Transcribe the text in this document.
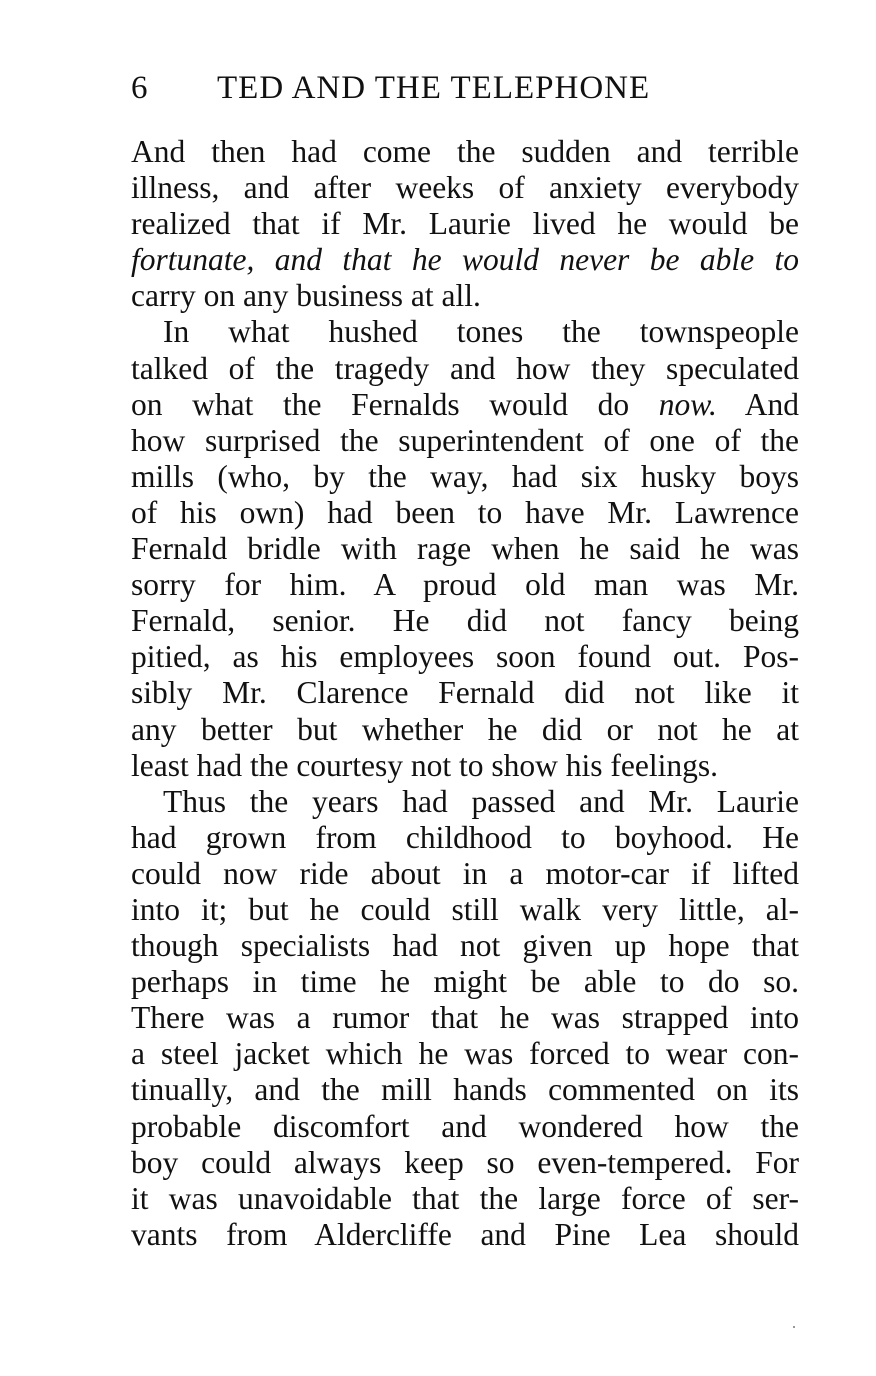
6 TED AND THE TELEPHONE
And then had come the sudden and terrible
illness, and after weeks of anxiety everybody
realized that if Mr. Laurie lived he would be
fortunate, and that he would never be able to
carry on any business at all.
In what hushed tones the townspeople
talked of the tragedy and how they speculated
on what the Fernalds would do now. And
how surprised the superintendent of one of the
mills (who, by the way, had six husky boys
of his own) had been to have Mr. Lawrence
Fernald bridle with rage when he said he was
sorry for him. A proud old man was Mr.
Fernald, senior. He did not fancy being
pitied, as his employees soon found out. Pos-
sibly Mr. Clarence Fernald did not like it
any better but whether he did or not he at
least had the courtesy not to show his feelings.
Thus the years had passed and Mr. Laurie
had grown from childhood to boyhood. He
could now ride about in a motor-car if lifted
into it; but he could still walk very little, al-
though specialists had not given up hope that
perhaps in time he might be able to do so.
There was a rumor that he was strapped into
a steel jacket which he was forced to wear con-
tinually, and the mill hands commented on its
probable discomfort and wondered how the
boy could always keep so even-tempered. For
it was unavoidable that the large force of ser-
vants from Aldercliffe and Pine Lea should
